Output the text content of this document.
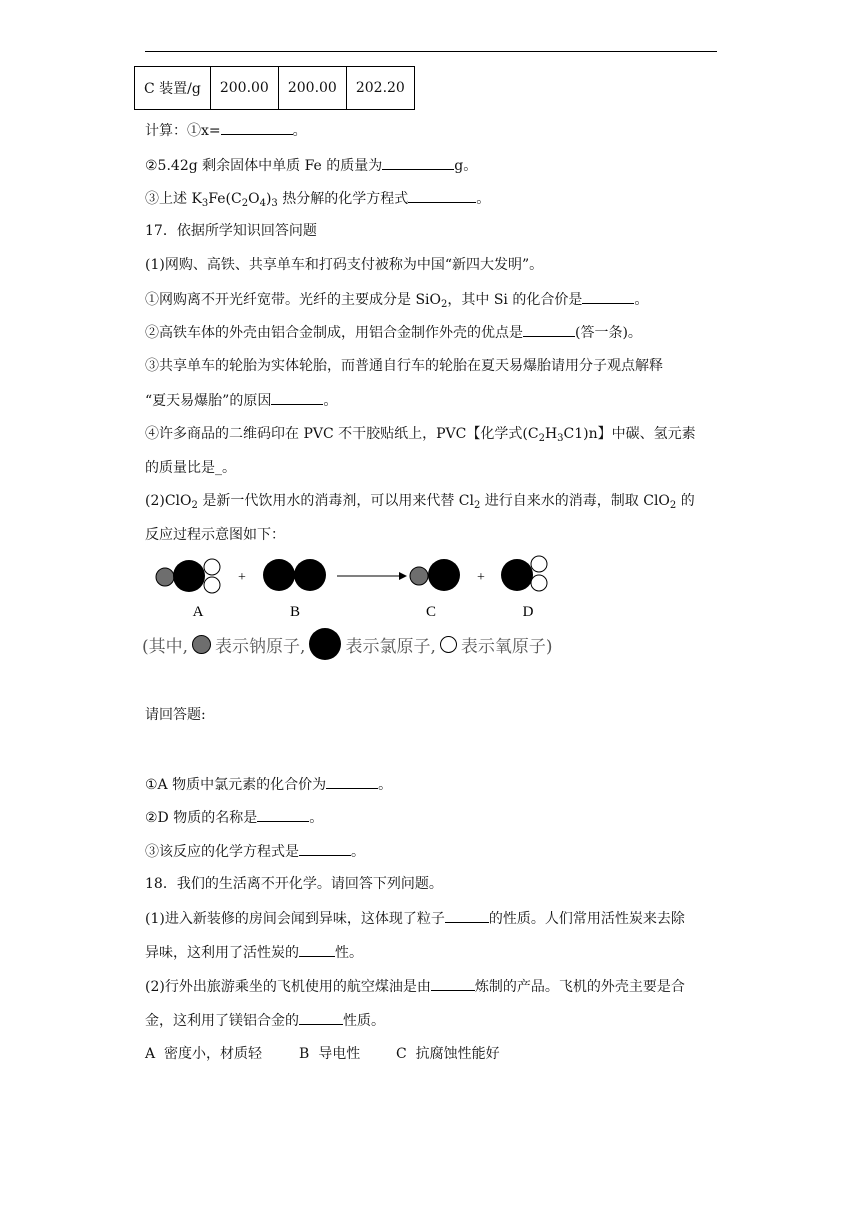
C 装置/g	200.00	200.00	202.20
计算：①x=	。
②5.42g 剩余固体中单质 Fe 的质量为	g。
③上述 $K_3Fe(C_2O_4)_3$ 热分解的化学方程式	。
17．依据所学知识回答问题
(1)网购、高铁、共享单车和打码支付被称为中国“新四大发明”。
①网购离不开光纤宽带。光纤的主要成分是 SiO$_2$，其中 Si 的化合价是	。
②高铁车体的外壳由铝合金制成，用铝合金制作外壳的优点是	(答一条)。
③共享单车的轮胎为实体轮胎，而普通自行车的轮胎在夏天易爆胎请用分子观点解释
“夏天易爆胎”的原因	。
④许多商品的二维码印在 PVC 不干胶贴纸上，PVC【化学式$(C_2H_3C1)n$】中碳、氢元素
的质量比是_。
(2)ClO$_2$ 是新一代饮用水的消毒剂，可以用来代替 $Cl_2$ 进行自来水的消毒，制取 ClO$_2$ 的
反应过程示意图如下：
+	+
A	B	C	D
(其中, 表示钠原子, 表示氯原子, 表示氧原子)
请回答题:
①A 物质中氯元素的化合价为	。
②D 物质的名称是	。
③该反应的化学方程式是	。
18．我们的生活离不开化学。请回答下列问题。
(1)进入新装修的房间会闻到异味，这体现了粒子	的性质。人们常用活性炭来去除
异味，这利用了活性炭的	性。
(2)行外出旅游乘坐的飞机使用的航空煤油是由	炼制的产品。飞机的外壳主要是合
金，这利用了镁铝合金的	性质。
A  密度小，材质轻	B  导电性	C  抗腐蚀性能好
